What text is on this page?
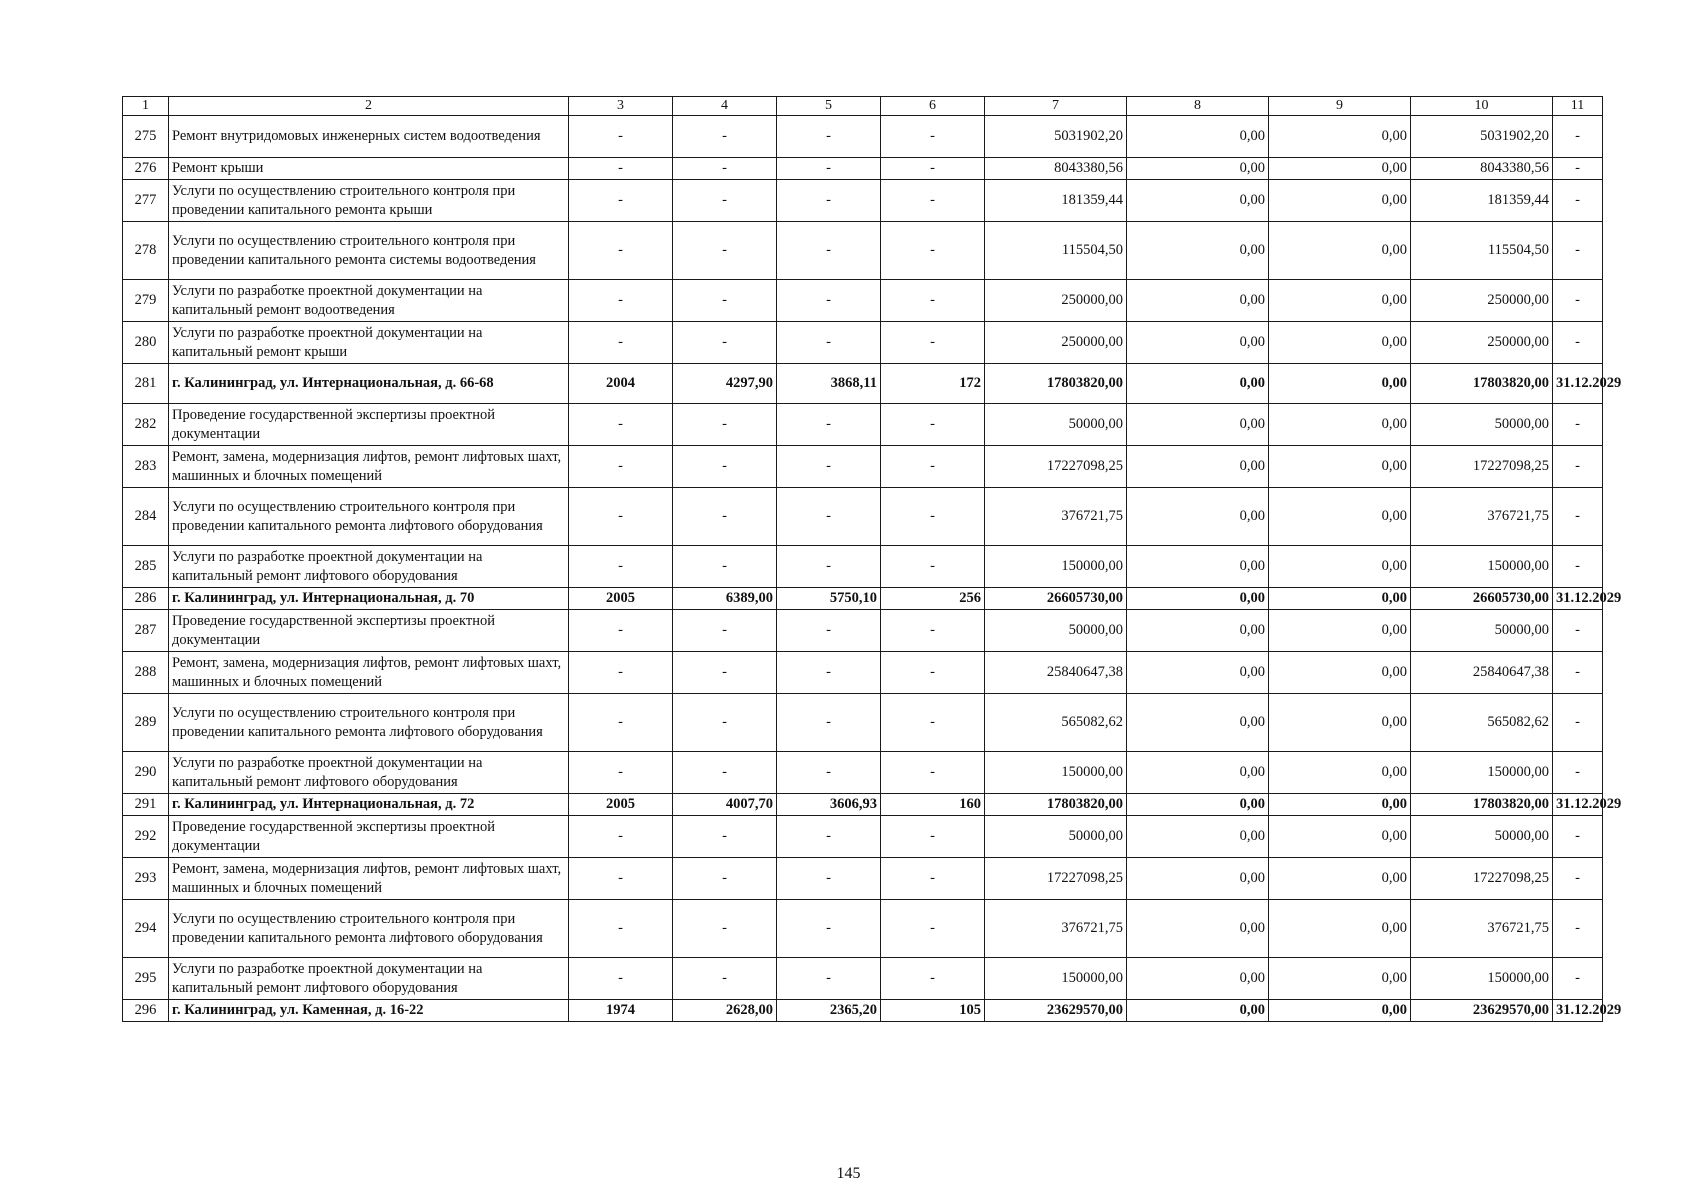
1	2	3	4	5	6	7	8	9	10	11
275	Ремонт внутридомовых инженерных систем водоотведения	-	-	-	-	5031902,20	0,00	0,00	5031902,20	-
276	Ремонт крыши	-	-	-	-	8043380,56	0,00	0,00	8043380,56	-
277	Услуги по осуществлению строительного контроля при проведении капитального ремонта крыши	-	-	-	-	181359,44	0,00	0,00	181359,44	-
278	Услуги по осуществлению строительного контроля при проведении капитального ремонта системы водоотведения	-	-	-	-	115504,50	0,00	0,00	115504,50	-
279	Услуги по разработке проектной документации на капитальный ремонт водоотведения	-	-	-	-	250000,00	0,00	0,00	250000,00	-
280	Услуги по разработке проектной документации на капитальный ремонт крыши	-	-	-	-	250000,00	0,00	0,00	250000,00	-
281	г. Калининград, ул. Интернациональная, д. 66-68	2004	4297,90	3868,11	172	17803820,00	0,00	0,00	17803820,00	31.12.2029
282	Проведение государственной экспертизы проектной документации	-	-	-	-	50000,00	0,00	0,00	50000,00	-
283	Ремонт, замена, модернизация лифтов, ремонт лифтовых шахт, машинных и блочных помещений	-	-	-	-	17227098,25	0,00	0,00	17227098,25	-
284	Услуги по осуществлению строительного контроля при проведении капитального ремонта лифтового оборудования	-	-	-	-	376721,75	0,00	0,00	376721,75	-
285	Услуги по разработке проектной документации на капитальный ремонт лифтового оборудования	-	-	-	-	150000,00	0,00	0,00	150000,00	-
286	г. Калининград, ул. Интернациональная, д. 70	2005	6389,00	5750,10	256	26605730,00	0,00	0,00	26605730,00	31.12.2029
287	Проведение государственной экспертизы проектной документации	-	-	-	-	50000,00	0,00	0,00	50000,00	-
288	Ремонт, замена, модернизация лифтов, ремонт лифтовых шахт, машинных и блочных помещений	-	-	-	-	25840647,38	0,00	0,00	25840647,38	-
289	Услуги по осуществлению строительного контроля при проведении капитального ремонта лифтового оборудования	-	-	-	-	565082,62	0,00	0,00	565082,62	-
290	Услуги по разработке проектной документации на капитальный ремонт лифтового оборудования	-	-	-	-	150000,00	0,00	0,00	150000,00	-
291	г. Калининград, ул. Интернациональная, д. 72	2005	4007,70	3606,93	160	17803820,00	0,00	0,00	17803820,00	31.12.2029
292	Проведение государственной экспертизы проектной документации	-	-	-	-	50000,00	0,00	0,00	50000,00	-
293	Ремонт, замена, модернизация лифтов, ремонт лифтовых шахт, машинных и блочных помещений	-	-	-	-	17227098,25	0,00	0,00	17227098,25	-
294	Услуги по осуществлению строительного контроля при проведении капитального ремонта лифтового оборудования	-	-	-	-	376721,75	0,00	0,00	376721,75	-
295	Услуги по разработке проектной документации на капитальный ремонт лифтового оборудования	-	-	-	-	150000,00	0,00	0,00	150000,00	-
296	г. Калининград, ул. Каменная, д. 16-22	1974	2628,00	2365,20	105	23629570,00	0,00	0,00	23629570,00	31.12.2029
145
